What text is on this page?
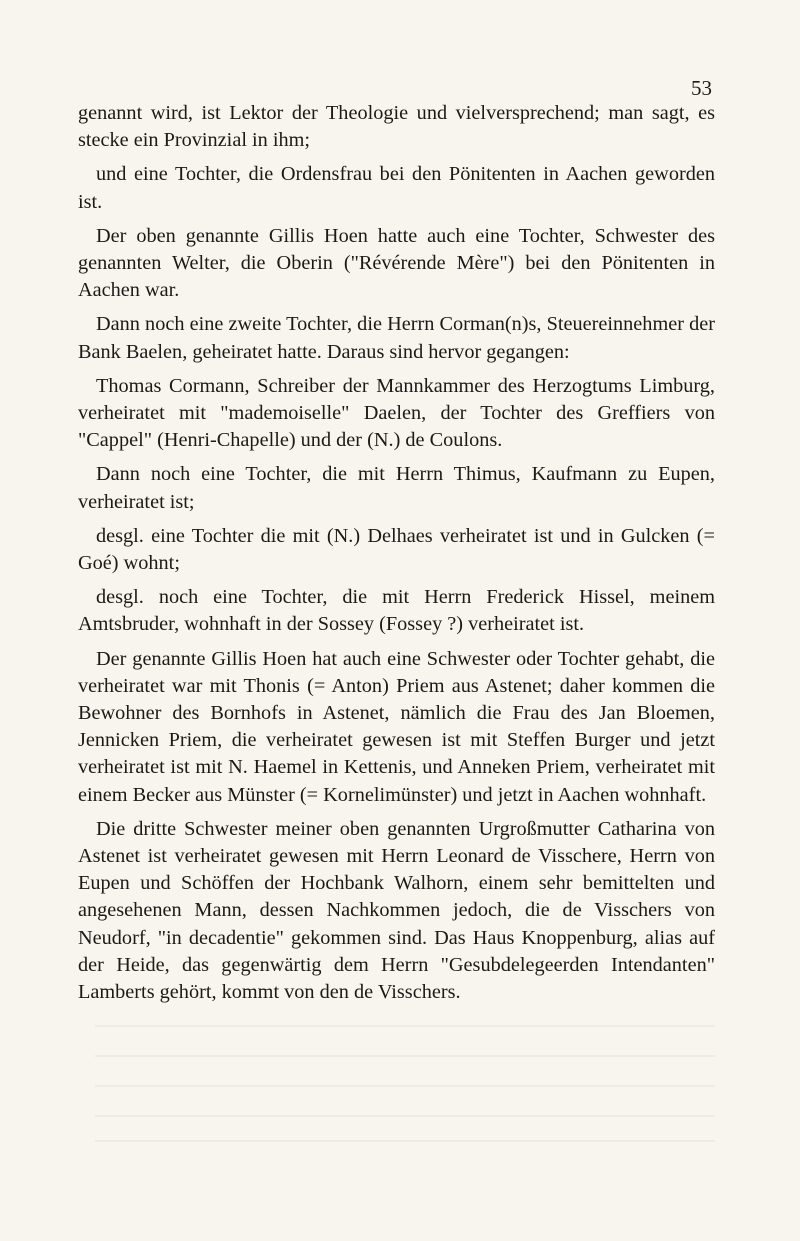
53

genannt wird, ist Lektor der Theologie und vielversprechend; man sagt, es stecke ein Provinzial in ihm;

und eine Tochter, die Ordensfrau bei den Pönitenten in Aachen geworden ist.

Der oben genannte Gillis Hoen hatte auch eine Tochter, Schwester des genannten Welter, die Oberin ("Révérende Mère") bei den Pönitenten in Aachen war.

Dann noch eine zweite Tochter, die Herrn Corman(n)s, Steuereinnehmer der Bank Baelen, geheiratet hatte. Daraus sind hervor gegangen:

Thomas Cormann, Schreiber der Mannkammer des Herzogtums Limburg, verheiratet mit "mademoiselle" Daelen, der Tochter des Greffiers von "Cappel" (Henri-Chapelle) und der (N.) de Coulons.

Dann noch eine Tochter, die mit Herrn Thimus, Kaufmann zu Eupen, verheiratet ist;

desgl. eine Tochter die mit (N.) Delhaes verheiratet ist und in Gulcken (= Goé) wohnt;

desgl. noch eine Tochter, die mit Herrn Frederick Hissel, meinem Amtsbruder, wohnhaft in der Sossey (Fossey ?) verheiratet ist.

Der genannte Gillis Hoen hat auch eine Schwester oder Tochter gehabt, die verheiratet war mit Thonis (= Anton) Priem aus Astenet; daher kommen die Bewohner des Bornhofs in Astenet, nämlich die Frau des Jan Bloemen, Jennicken Priem, die verheiratet gewesen ist mit Steffen Burger und jetzt verheiratet ist mit N. Haemel in Kettenis, und Anneken Priem, verheiratet mit einem Becker aus Münster (= Kornelimünster) und jetzt in Aachen wohnhaft.

Die dritte Schwester meiner oben genannten Urgroßmutter Catharina von Astenet ist verheiratet gewesen mit Herrn Leonard de Visschere, Herrn von Eupen und Schöffen der Hochbank Walhorn, einem sehr bemittelten und angesehenen Mann, dessen Nachkommen jedoch, die de Visschers von Neudorf, "in decadentie" gekommen sind. Das Haus Knoppenburg, alias auf der Heide, das gegenwärtig dem Herrn "Gesubdelegeerden Intendanten" Lamberts gehört, kommt von den de Visschers.
